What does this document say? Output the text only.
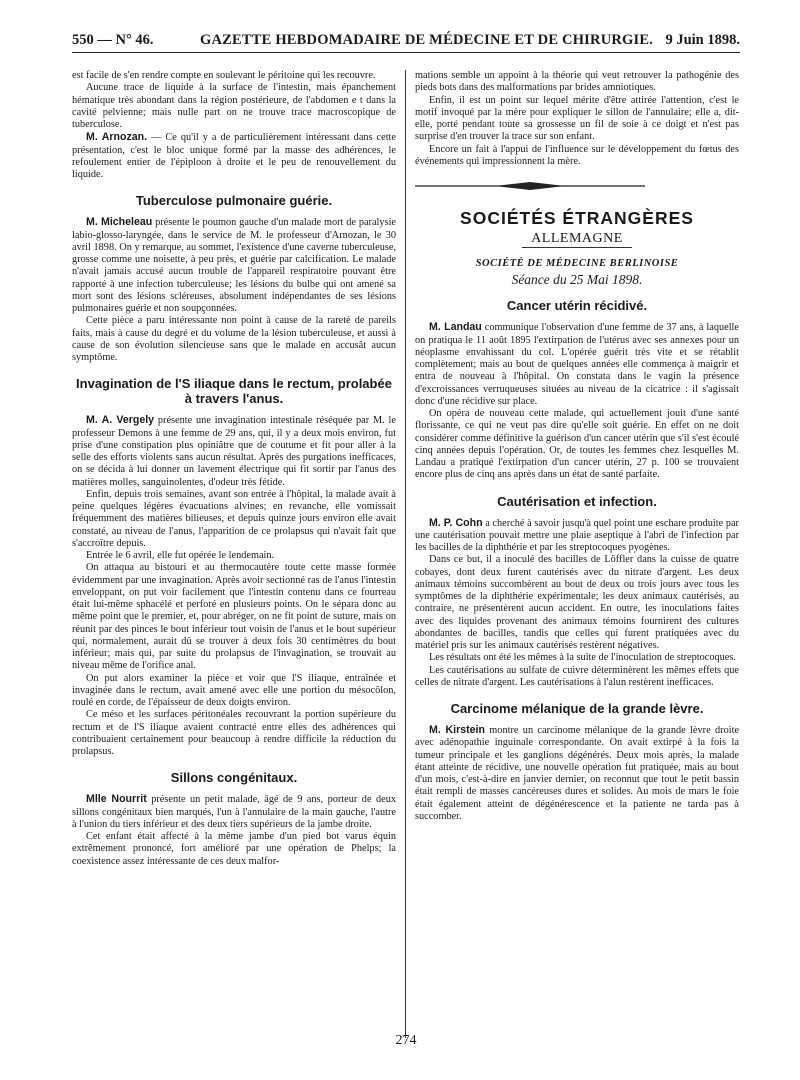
550 — N° 46.	GAZETTE HEBDOMADAIRE DE MÉDECINE ET DE CHIRURGIE. 9 Juin 1898.

est facile de s'en rendre compte en soulevant le péritoine qui les recouvre.

Aucune trace de liquide à la surface de l'intestin, mais épanchement hématique très abondant dans la région postérieure, de l'abdomen e t dans la cavité pelvienne; mais nulle part on ne trouve trace macroscopique de tuberculose.

M. Arnozan. — Ce qu'il y a de particulièrement intéressant dans cette présentation, c'est le bloc unique formé par la masse des adhérences, le refoulement entier de l'épiploon à droite et le peu de renouvellement du liquide.

Tuberculose pulmonaire guérie.

M. Micheleau présente le poumon gauche d'un malade mort de paralysie labio-glosso-laryngée, dans le service de M. le professeur d'Arnozan, le 30 avril 1898. On y remarque, au sommet, l'existence d'une caverne tuberculeuse, grosse comme une noisette, à peu près, et guérie par calcification. Le malade n'avait jamais accusé aucun trouble de l'appareil respiratoire pouvant être rapporté à une infection tuberculeuse; les lésions du bulbe qui ont amené sa mort sont des lésions scléreuses, absolument indépendantes de ses lésions pulmonaires guérie et non soupçonnées.

Cette pièce a paru intéressante non point à cause de la rareté de pareils faits, mais à cause du degré et du volume de la lésion tuberculeuse, et aussi à cause de son évolution silencieuse sans que le malade en accusât aucun symptôme.

Invagination de l'S iliaque dans le rectum, prolabée à travers l'anus.

M. A. Vergely présente une invagination intestinale réséquée par M. le professeur Demons à une femme de 29 ans, qui, il y a deux mois environ, fut prise d'une constipation plus opiniâtre que de coutume et fit pour aller à la selle des efforts violents sans aucun résultat. Après des purgations inefficaces, on se décida à lui donner un lavement électrique qui fit sortir par l'anus des matières molles, sanguinolentes, d'odeur très fétide.

Enfin, depuis trois semaines, avant son entrée à l'hôpital, la malade avait à peine quelques légères évacuations alvines; en revanche, elle vomissait fréquemment des matières bilieuses, et depuis quinze jours environ elle avait constaté, au niveau de l'anus, l'apparition de ce prolapsus qui n'avait fait que s'accroître depuis.

Entrée le 6 avril, elle fut opérée le lendemain.

On attaqua au bistouri et au thermocautère toute cette masse formée évidemment par une invagination. Après avoir sectionné ras de l'anus l'intestin enveloppant, on put voir facilement que l'intestin contenu dans ce fourreau était lui-même sphacélé et perforé en plusieurs points. On le sépara donc au même point que le premier, et, pour abréger, on ne fit point de suture, mais on réunit par des pinces le bout inférieur tout voisin de l'anus et le bout supérieur qui, normalement, aurait dû se trouver à deux fois 30 centimètres du bout inférieur; mais qui, par suite du prolapsus de l'invagination, se trouvait au niveau même de l'orifice anal.

On put alors examiner la pièce et voir que l'S iliaque, entraînée et invaginée dans le rectum, avait amené avec elle une portion du mésocôlon, roulé en corde, de l'épaisseur de deux doigts environ.

Ce méso et les surfaces péritonéales recouvrant la portion supérieure du rectum et de l'S iliaque avaient contracté entre elles des adhérences qui contribuaient certainement pour beaucoup à rendre difficile la réduction du prolapsus.

Sillons congénitaux.

Mlle Nourrit présente un petit malade, âgé de 9 ans, porteur de deux sillons congénitaux bien marqués, l'un à l'annulaire de la main gauche, l'autre à l'union du tiers inférieur et des deux tiers supérieurs de la jambe droite.

Cet enfant était affecté à la même jambe d'un pied bot varus équin extrêmement prononcé, fort amélioré par une opération de Phelps; la coexistence assez intéressante de ces deux malfor-

mations semble un appoint à la théorie qui veut retrouver la pathogénie des pieds bots dans des malformations par brides amniotiques.

Enfin, il est un point sur lequel mérite d'être attirée l'attention, c'est le motif invoqué par la mère pour expliquer le sillon de l'annulaire; elle a, dit-elle, porté pendant toute sa grossesse un fil de soie à ce doigt et n'est pas surprise d'en trouver la trace sur son enfant.

Encore un fait à l'appui de l'influence sur le développement du fœtus des événements qui impressionnent la mère.

SOCIÉTÉS ÉTRANGÈRES
ALLEMAGNE
SOCIÉTÉ DE MÉDECINE BERLINOISE
Séance du 25 Mai 1898.
Cancer utérin récidivé.

M. Landau communique l'observation d'une femme de 37 ans, à laquelle on pratiqua le 11 août 1895 l'extirpation de l'utérus avec ses annexes pour un néoplasme envahissant du col. L'opérée guérit très vite et se rétablit complètement; mais au bout de quelques années elle commença à maigrir et entra de nouveau à l'hôpital. On constata dans le vagin la présence d'excroissances verruqueuses situées au niveau de la cicatrice : il s'agissait donc d'une récidive sur place.

On opéra de nouveau cette malade, qui actuellement jouit d'une santé florissante, ce qui ne veut pas dire qu'elle soit guérie. En effet on ne doit considérer comme définitive la guérison d'un cancer utérin que s'il s'est écoulé cinq années depuis l'opération. Or, de toutes les femmes chez lesquelles M. Landau a pratiqué l'extirpation d'un cancer utérin, 27 p. 100 se trouvaient encore plus de cinq ans après dans un état de santé parfaite.

Cautérisation et infection.

M. P. Cohn a cherché à savoir jusqu'à quel point une eschare produite par une cautérisation pouvait mettre une plaie aseptique à l'abri de l'infection par les bacilles de la diphthérie et par les streptocoques pyogènes.

Dans ce but, il a inoculé des bacilles de Löffler dans la cuisse de quatre cobayes, dont deux furent cautérisés avec du nitrate d'argent. Les deux animaux témoins succombèrent au bout de deux ou trois jours avec tous les symptômes de la diphthérie expérimentale; les deux animaux cautérisés, au contraire, ne présentèrent aucun accident. En outre, les inoculations faites avec des liquides provenant des animaux témoins fournirent des cultures abondantes de bacilles, tandis que celles qui furent pratiquées avec du matériel pris sur les animaux cautérisés restèrent négatives.

Les résultats ont été les mêmes à la suite de l'inoculation de streptocoques.

Les cautérisations au sulfate de cuivre déterminèrent les mêmes effets que celles de nitrate d'argent. Les cautérisations à l'alun restèrent inefficaces.

Carcinome mélanique de la grande lèvre.

M. Kirstein montre un carcinome mélanique de la grande lèvre droite avec adénopathie inguinale correspondante. On avait extirpé à la fois la tumeur principale et les ganglions dégénérés. Deux mois après, la malade étant atteinte de récidive, une nouvelle opération fut pratiquée, mais au bout d'un mois, c'est-à-dire en janvier dernier, on reconnut que tout le petit bassin était rempli de masses cancéreuses dures et solides. Au mois de mars le foie était également atteint de dégénérescence et la patiente ne tarda pas à succomber.

274
